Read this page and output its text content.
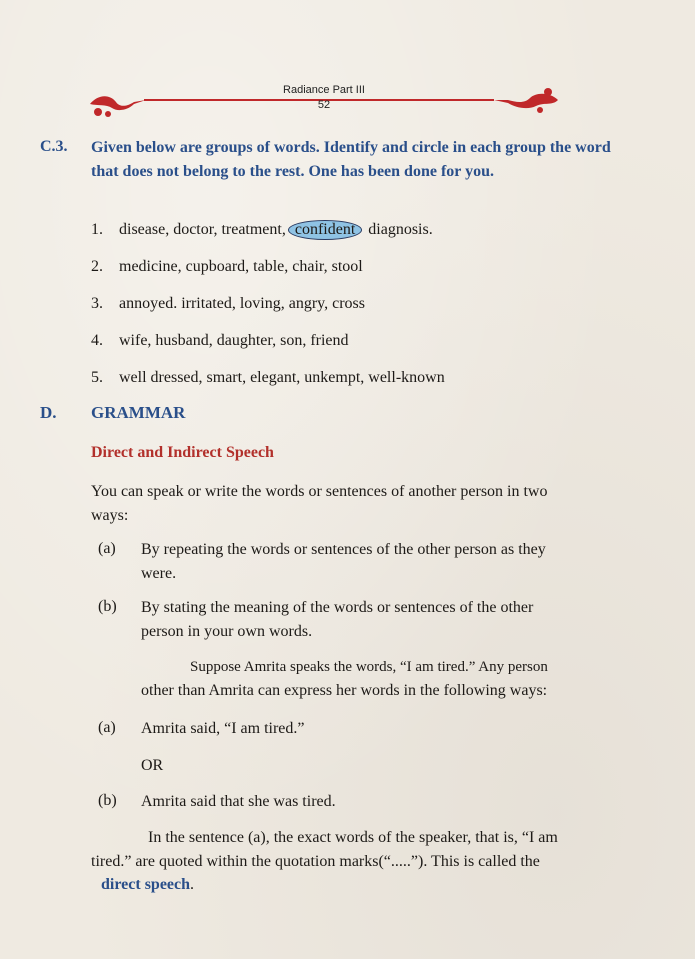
Radiance Part III
52
C.3. Given below are groups of words. Identify and circle in each group the word that does not belong to the rest. One has been done for you.
1. disease, doctor, treatment, confident diagnosis.
2. medicine, cupboard, table, chair, stool
3. annoyed. irritated, loving, angry, cross
4. wife, husband, daughter, son, friend
5. well dressed, smart, elegant, unkempt, well-known
D. GRAMMAR
Direct and Indirect Speech
You can speak or write the words or sentences of another person in two
ways:
(a) By repeating the words or sentences of the other person as they
were.
(b) By stating the meaning of the words or sentences of the other
person in your own words.
Suppose Amrita speaks the words, “I am tired.” Any person
other than Amrita can express her words in the following ways:
(a) Amrita said, “I am tired.”
OR
(b) Amrita said that she was tired.
In the sentence (a), the exact words of the speaker, that is, “I am
tired.” are quoted within the quotation marks(“.....”). This is called the
direct speech.
